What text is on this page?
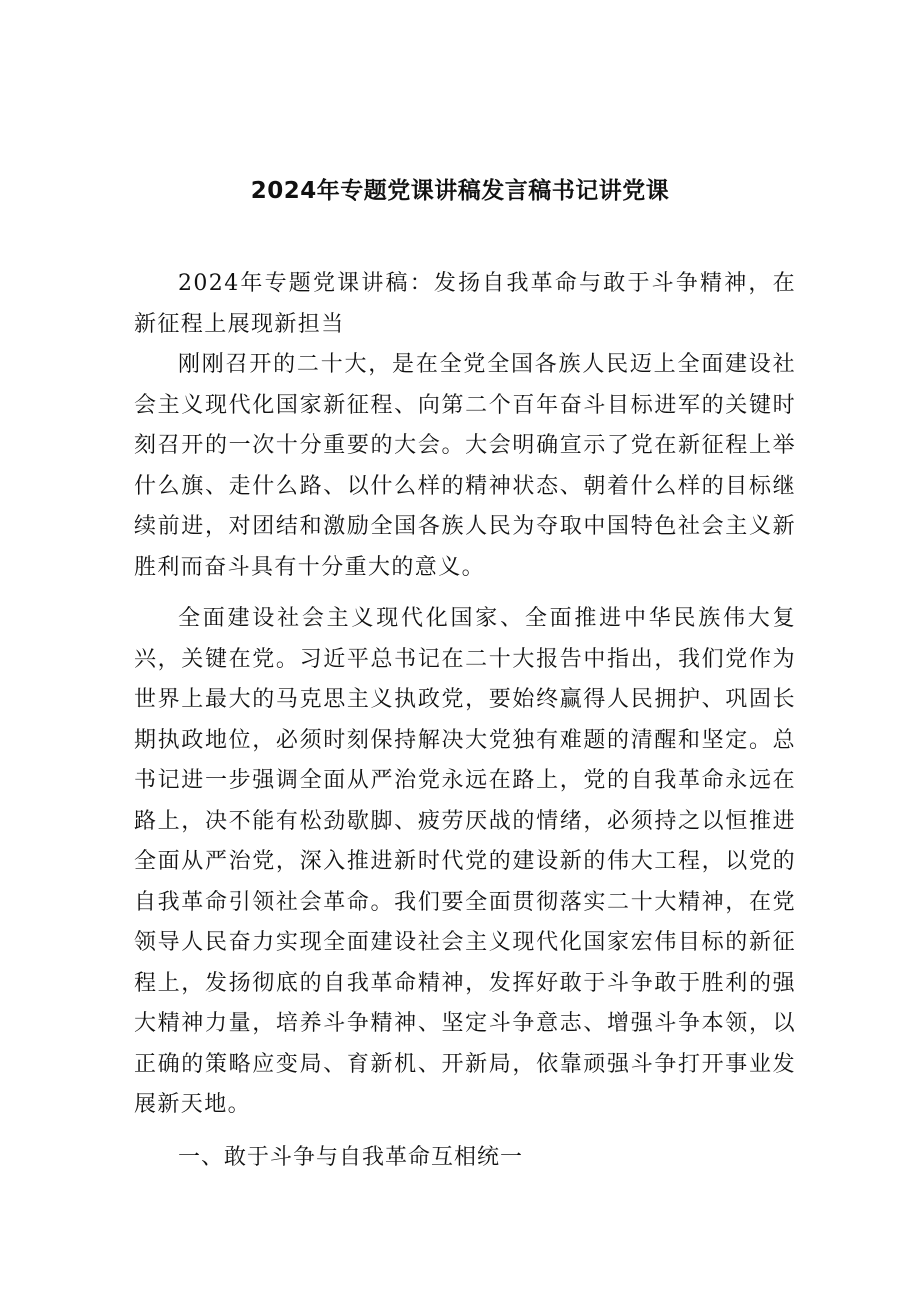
2024年专题党课讲稿发言稿书记讲党课

2024年专题党课讲稿：发扬自我革命与敢于斗争精神，在新征程上展现新担当

刚刚召开的二十大，是在全党全国各族人民迈上全面建设社会主义现代化国家新征程、向第二个百年奋斗目标进军的关键时刻召开的一次十分重要的大会。大会明确宣示了党在新征程上举什么旗、走什么路、以什么样的精神状态、朝着什么样的目标继续前进，对团结和激励全国各族人民为夺取中国特色社会主义新胜利而奋斗具有十分重大的意义。

全面建设社会主义现代化国家、全面推进中华民族伟大复兴，关键在党。习近平总书记在二十大报告中指出，我们党作为世界上最大的马克思主义执政党，要始终赢得人民拥护、巩固长期执政地位，必须时刻保持解决大党独有难题的清醒和坚定。总书记进一步强调全面从严治党永远在路上，党的自我革命永远在路上，决不能有松劲歇脚、疲劳厌战的情绪，必须持之以恒推进全面从严治党，深入推进新时代党的建设新的伟大工程，以党的自我革命引领社会革命。我们要全面贯彻落实二十大精神，在党领导人民奋力实现全面建设社会主义现代化国家宏伟目标的新征程上，发扬彻底的自我革命精神，发挥好敢于斗争敢于胜利的强大精神力量，培养斗争精神、坚定斗争意志、增强斗争本领，以正确的策略应变局、育新机、开新局，依靠顽强斗争打开事业发展新天地。

一、敢于斗争与自我革命互相统一
